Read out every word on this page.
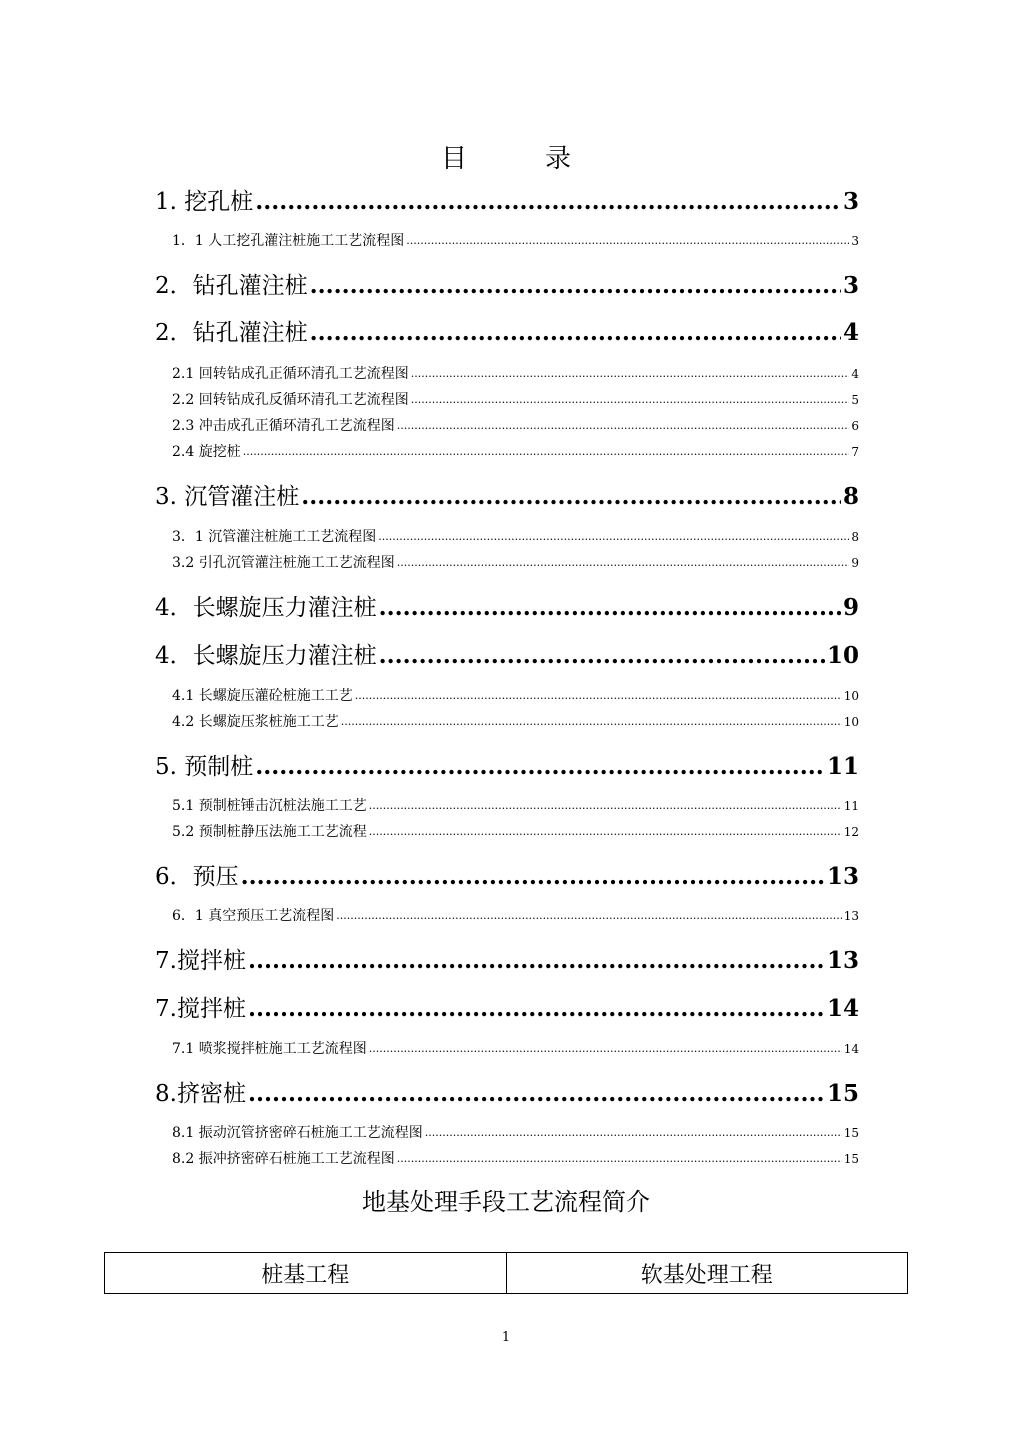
目	录
1. 挖孔桩 .....	3
1．1 人工挖孔灌注桩施工工艺流程图 .....	3
2．钻孔灌注桩 .....	3
2．钻孔灌注桩 .....	4
2.1 回转钻成孔正循环清孔工艺流程图 .....	4
2.2 回转钻成孔反循环清孔工艺流程图 .....	5
2.3 冲击成孔正循环清孔工艺流程图 .....	6
2.4 旋挖桩 .....	7
3. 沉管灌注桩 .....	8
3．1 沉管灌注桩施工工艺流程图 .....	8
3.2 引孔沉管灌注桩施工工艺流程图 .....	9
4．长螺旋压力灌注桩 .....	9
4．长螺旋压力灌注桩 .....	10
4.1 长螺旋压灌砼桩施工工艺 .....	10
4.2 长螺旋压浆桩施工工艺 .....	10
5. 预制桩 .....	11
5.1 预制桩锤击沉桩法施工工艺 .....	11
5.2 预制桩静压法施工工艺流程 .....	12
6．预压 .....	13
6．1 真空预压工艺流程图 .....	13
7.搅拌桩 .....	13
7.搅拌桩 .....	14
7.1 喷浆搅拌桩施工工艺流程图 .....	14
8.挤密桩 .....	15
8.1 振动沉管挤密碎石桩施工工艺流程图 .....	15
8.2 振冲挤密碎石桩施工工艺流程图 .....	15
地基处理手段工艺流程简介
桩基工程	软基处理工程
1
